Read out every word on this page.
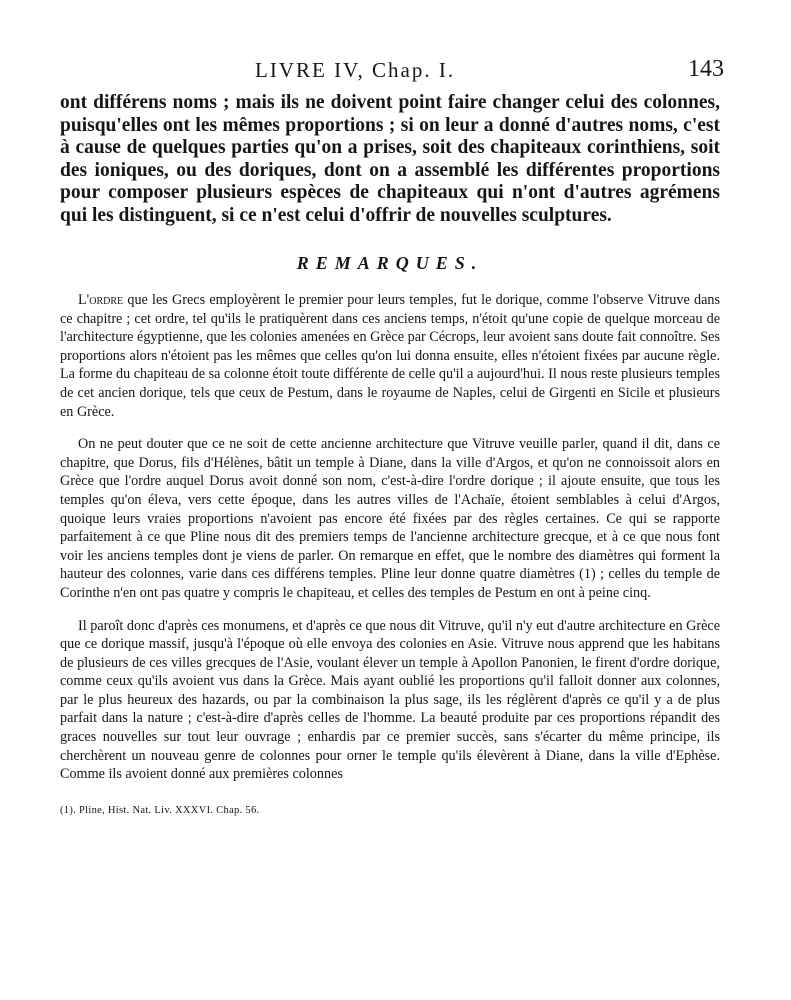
LIVRE IV, Chap. I.	143

ont différens noms ; mais ils ne doivent point faire changer celui des colonnes, puisqu'elles ont les mêmes proportions ; si on leur a donné d'autres noms, c'est à cause de quelques parties qu'on a prises, soit des chapiteaux corinthiens, soit des ioniques, ou des doriques, dont on a assemblé les différentes proportions pour composer plusieurs espèces de chapiteaux qui n'ont d'autres agrémens qui les distinguent, si ce n'est celui d'offrir de nouvelles sculptures.

REMARQUES.

L'ordre que les Grecs employèrent le premier pour leurs temples, fut le dorique, comme l'observe Vitruve dans ce chapitre ; cet ordre, tel qu'ils le pratiquèrent dans ces anciens temps, n'étoit qu'une copie de quelque morceau de l'architecture égyptienne, que les colonies amenées en Grèce par Cécrops, leur avoient sans doute fait connoître. Ses proportions alors n'étoient pas les mêmes que celles qu'on lui donna ensuite, elles n'étoient fixées par aucune règle. La forme du chapiteau de sa colonne étoit toute différente de celle qu'il a aujourd'hui. Il nous reste plusieurs temples de cet ancien dorique, tels que ceux de Pestum, dans le royaume de Naples, celui de Girgenti en Sicile et plusieurs en Grèce.

On ne peut douter que ce ne soit de cette ancienne architecture que Vitruve veuille parler, quand il dit, dans ce chapitre, que Dorus, fils d'Hélènes, bâtit un temple à Diane, dans la ville d'Argos, et qu'on ne connoissoit alors en Grèce que l'ordre auquel Dorus avoit donné son nom, c'est-à-dire l'ordre dorique ; il ajoute ensuite, que tous les temples qu'on éleva, vers cette époque, dans les autres villes de l'Achaïe, étoient semblables à celui d'Argos, quoique leurs vraies proportions n'avoient pas encore été fixées par des règles certaines. Ce qui se rapporte parfaitement à ce que Pline nous dit des premiers temps de l'ancienne architecture grecque, et à ce que nous font voir les anciens temples dont je viens de parler. On remarque en effet, que le nombre des diamètres qui forment la hauteur des colonnes, varie dans ces différens temples. Pline leur donne quatre diamètres (1) ; celles du temple de Corinthe n'en ont pas quatre y compris le chapiteau, et celles des temples de Pestum en ont à peine cinq.

Il paroît donc d'après ces monumens, et d'après ce que nous dit Vitruve, qu'il n'y eut d'autre architecture en Grèce que ce dorique massif, jusqu'à l'époque où elle envoya des colonies en Asie. Vitruve nous apprend que les habitans de plusieurs de ces villes grecques de l'Asie, voulant élever un temple à Apollon Panonien, le firent d'ordre dorique, comme ceux qu'ils avoient vus dans la Grèce. Mais ayant oublié les proportions qu'il falloit donner aux colonnes, par le plus heureux des hazards, ou par la combinaison la plus sage, ils les réglèrent d'après ce qu'il y a de plus parfait dans la nature ; c'est-à-dire d'après celles de l'homme. La beauté produite par ces proportions répandit des graces nouvelles sur tout leur ouvrage ; enhardis par ce premier succès, sans s'écarter du même principe, ils cherchèrent un nouveau genre de colonnes pour orner le temple qu'ils élevèrent à Diane, dans la ville d'Ephèse. Comme ils avoient donné aux premières colonnes

(1). Pline, Hist. Nat. Liv. XXXVI. Chap. 56.
